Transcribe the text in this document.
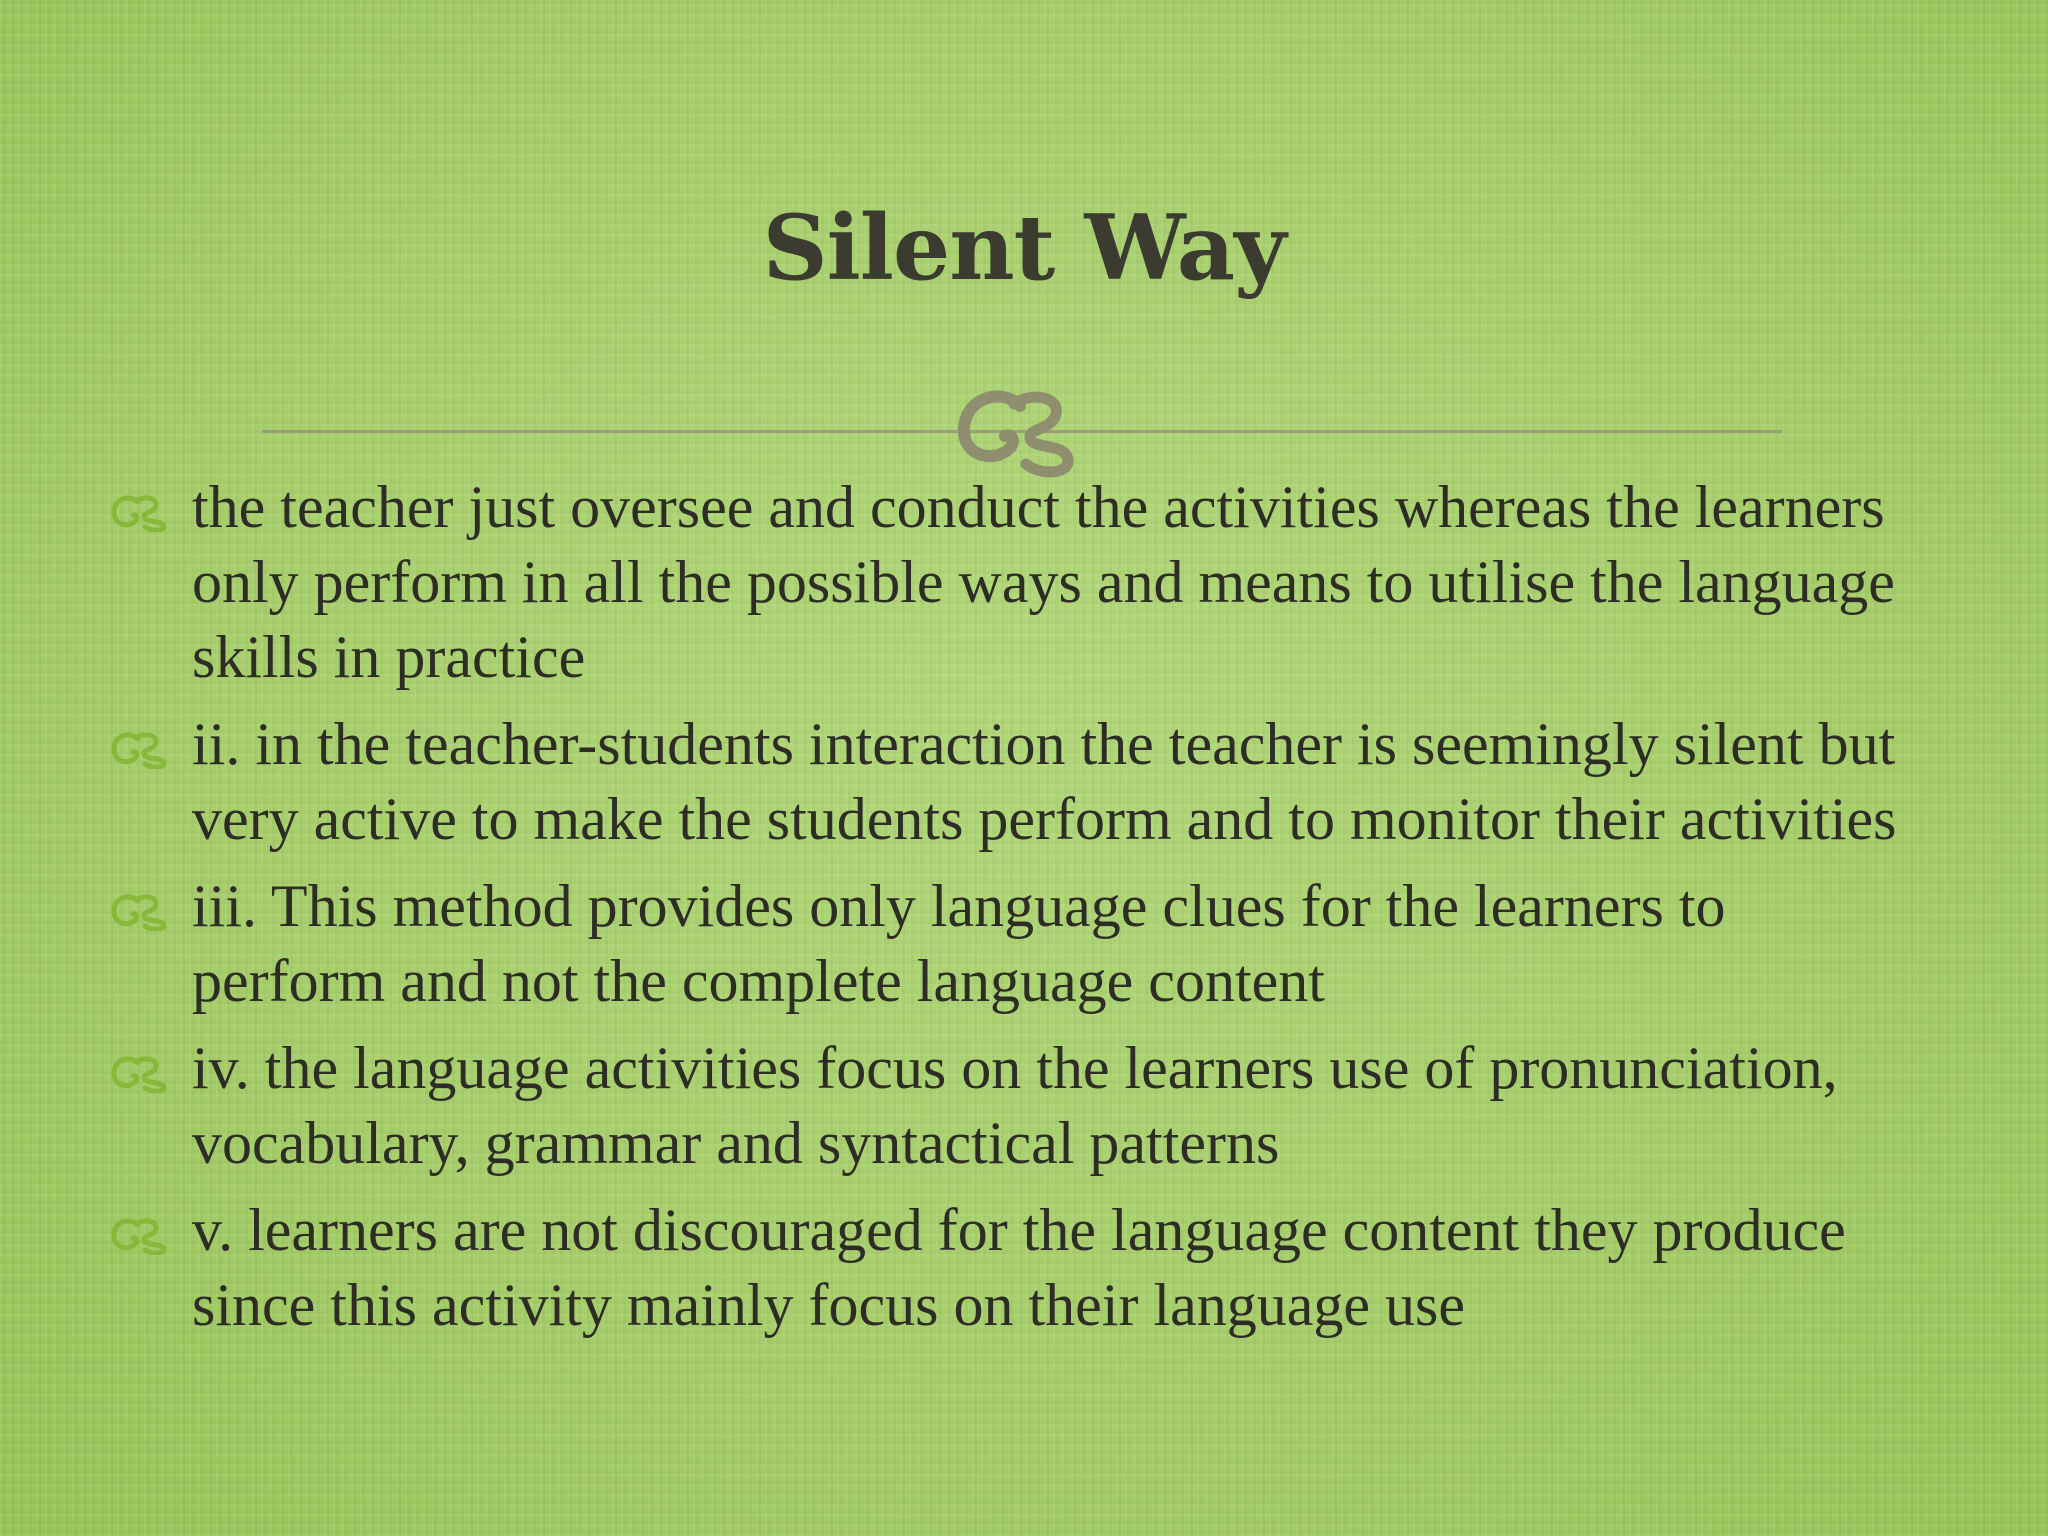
Silent Way
the teacher just oversee and conduct the activities whereas the learners only perform in all the possible ways and means to utilise the language skills in practice
ii. in the teacher-students interaction the teacher is seemingly silent but very active to make the students perform and to monitor their activities
iii. This method provides only language clues for the learners to perform and not the complete language content
iv. the language activities focus on the learners use of pronunciation, vocabulary, grammar and syntactical patterns
v. learners are not discouraged for the language content they produce since this activity mainly focus on their language use
